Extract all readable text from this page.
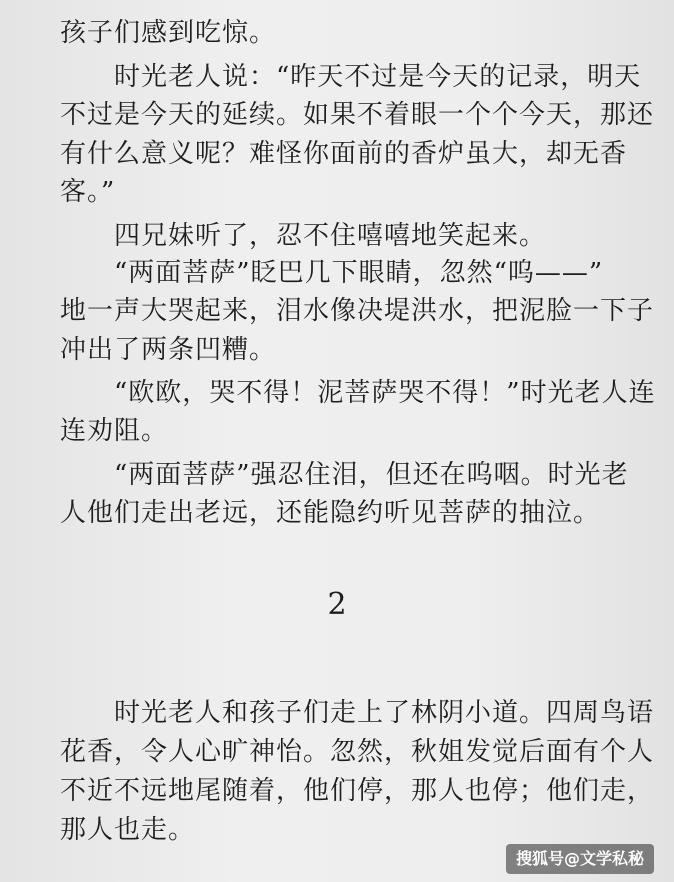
孩子们感到吃惊。
　　时光老人说：“昨天不过是今天的记录，明天
不过是今天的延续。如果不着眼一个个今天，那还
有什么意义呢？难怪你面前的香炉虽大，却无香
客。”
　　四兄妹听了，忍不住嘻嘻地笑起来。
　　“两面菩萨”眨巴几下眼睛，忽然“呜——”
地一声大哭起来，泪水像决堤洪水，把泥脸一下子
冲出了两条凹糟。
　　“欧欧，哭不得！泥菩萨哭不得！”时光老人连
连劝阻。
　　“两面菩萨”强忍住泪，但还在呜咽。时光老
人他们走出老远，还能隐约听见菩萨的抽泣。
2
　　时光老人和孩子们走上了林阴小道。四周鸟语
花香，令人心旷神怡。忽然，秋姐发觉后面有个人
不近不远地尾随着，他们停，那人也停；他们走，
那人也走。
搜狐号@文学私秘
